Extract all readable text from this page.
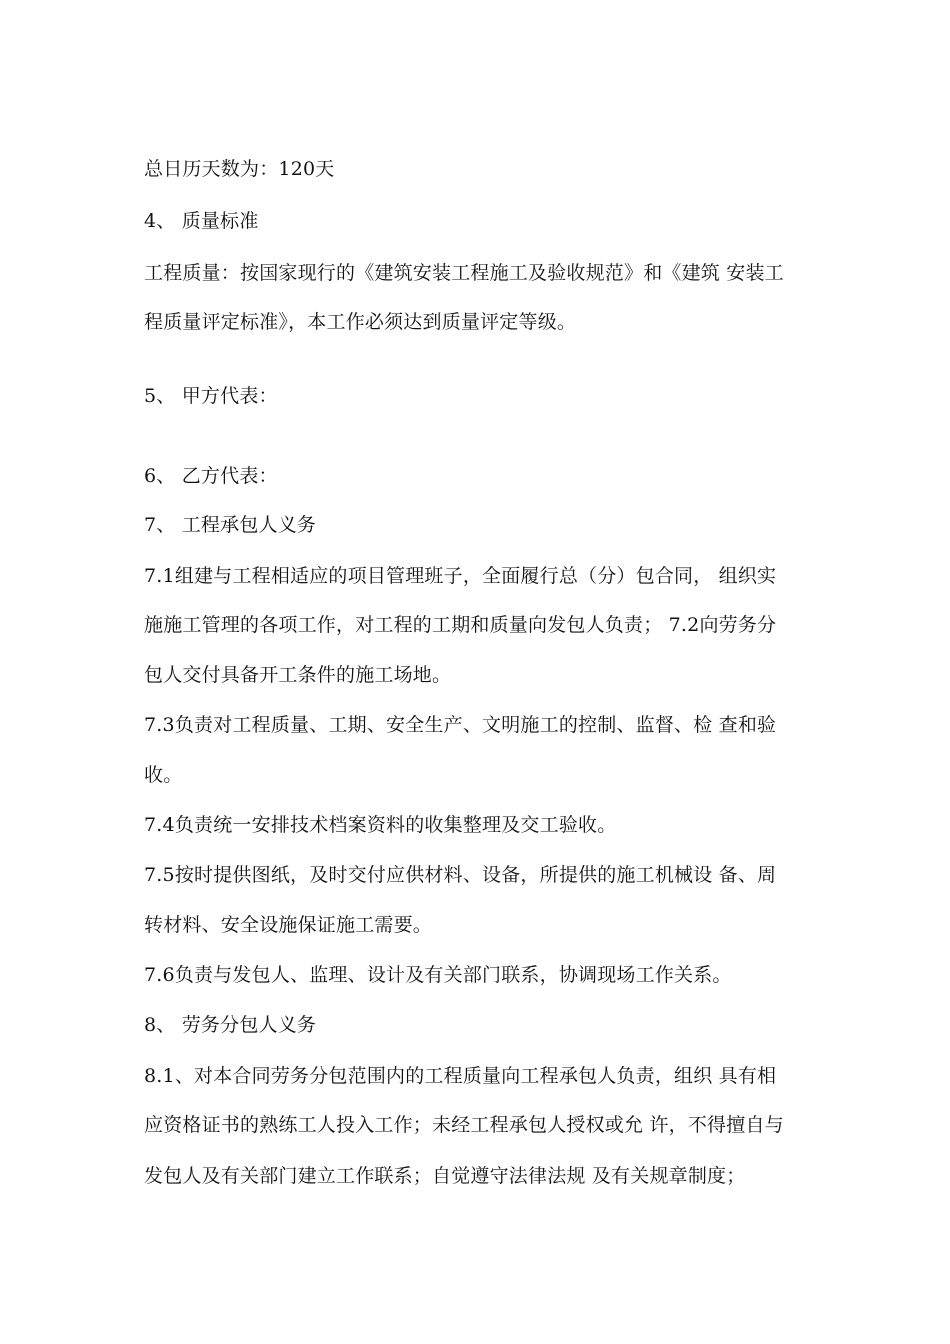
总日历天数为：120天
4、 质量标准
工程质量：按国家现行的《建筑安装工程施工及验收规范》和《建筑 安装工
程质量评定标准》，本工作必须达到质量评定等级。
5、 甲方代表：
6、 乙方代表：
7、 工程承包人义务
7.1组建与工程相适应的项目管理班子，全面履行总（分）包合同， 组织实
施施工管理的各项工作，对工程的工期和质量向发包人负责； 7.2向劳务分
包人交付具备开工条件的施工场地。
7.3负责对工程质量、工期、安全生产、文明施工的控制、监督、检 查和验
收。
7.4负责统一安排技术档案资料的收集整理及交工验收。
7.5按时提供图纸，及时交付应供材料、设备，所提供的施工机械设 备、周
转材料、安全设施保证施工需要。
7.6负责与发包人、监理、设计及有关部门联系，协调现场工作关系。
8、 劳务分包人义务
8.1、对本合同劳务分包范围内的工程质量向工程承包人负责，组织 具有相
应资格证书的熟练工人投入工作；未经工程承包人授权或允 许，不得擅自与
发包人及有关部门建立工作联系；自觉遵守法律法规 及有关规章制度；
